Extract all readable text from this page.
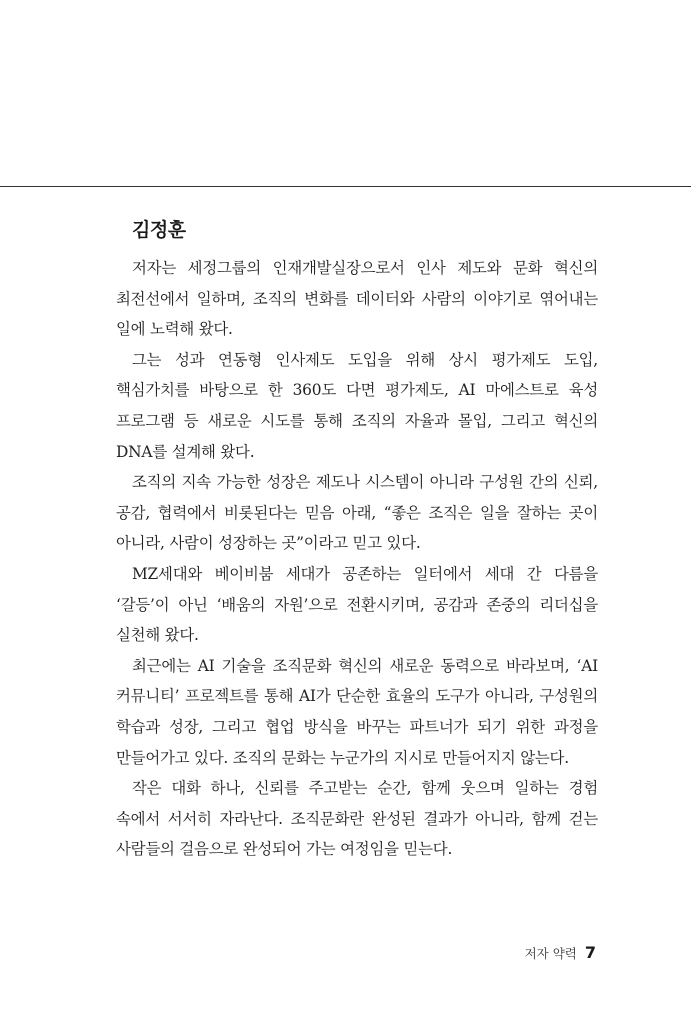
김정훈

저자는 세정그룹의 인재개발실장으로서 인사 제도와 문화 혁신의 최전선에서 일하며, 조직의 변화를 데이터와 사람의 이야기로 엮어내는 일에 노력해 왔다.

그는 성과 연동형 인사제도 도입을 위해 상시 평가제도 도입, 핵심가치를 바탕으로 한 360도 다면 평가제도, AI 마에스트로 육성 프로그램 등 새로운 시도를 통해 조직의 자율과 몰입, 그리고 혁신의 DNA를 설계해 왔다.

조직의 지속 가능한 성장은 제도나 시스템이 아니라 구성원 간의 신뢰, 공감, 협력에서 비롯된다는 믿음 아래, “좋은 조직은 일을 잘하는 곳이 아니라, 사람이 성장하는 곳”이라고 믿고 있다.

MZ세대와 베이비붐 세대가 공존하는 일터에서 세대 간 다름을 ‘갈등’이 아닌 ‘배움의 자원’으로 전환시키며, 공감과 존중의 리더십을 실천해 왔다.

최근에는 AI 기술을 조직문화 혁신의 새로운 동력으로 바라보며, ‘AI 커뮤니티’ 프로젝트를 통해 AI가 단순한 효율의 도구가 아니라, 구성원의 학습과 성장, 그리고 협업 방식을 바꾸는 파트너가 되기 위한 과정을 만들어가고 있다. 조직의 문화는 누군가의 지시로 만들어지지 않는다.

작은 대화 하나, 신뢰를 주고받는 순간, 함께 웃으며 일하는 경험 속에서 서서히 자라난다. 조직문화란 완성된 결과가 아니라, 함께 걷는 사람들의 걸음으로 완성되어 가는 여정임을 믿는다.

저자 약력 7
